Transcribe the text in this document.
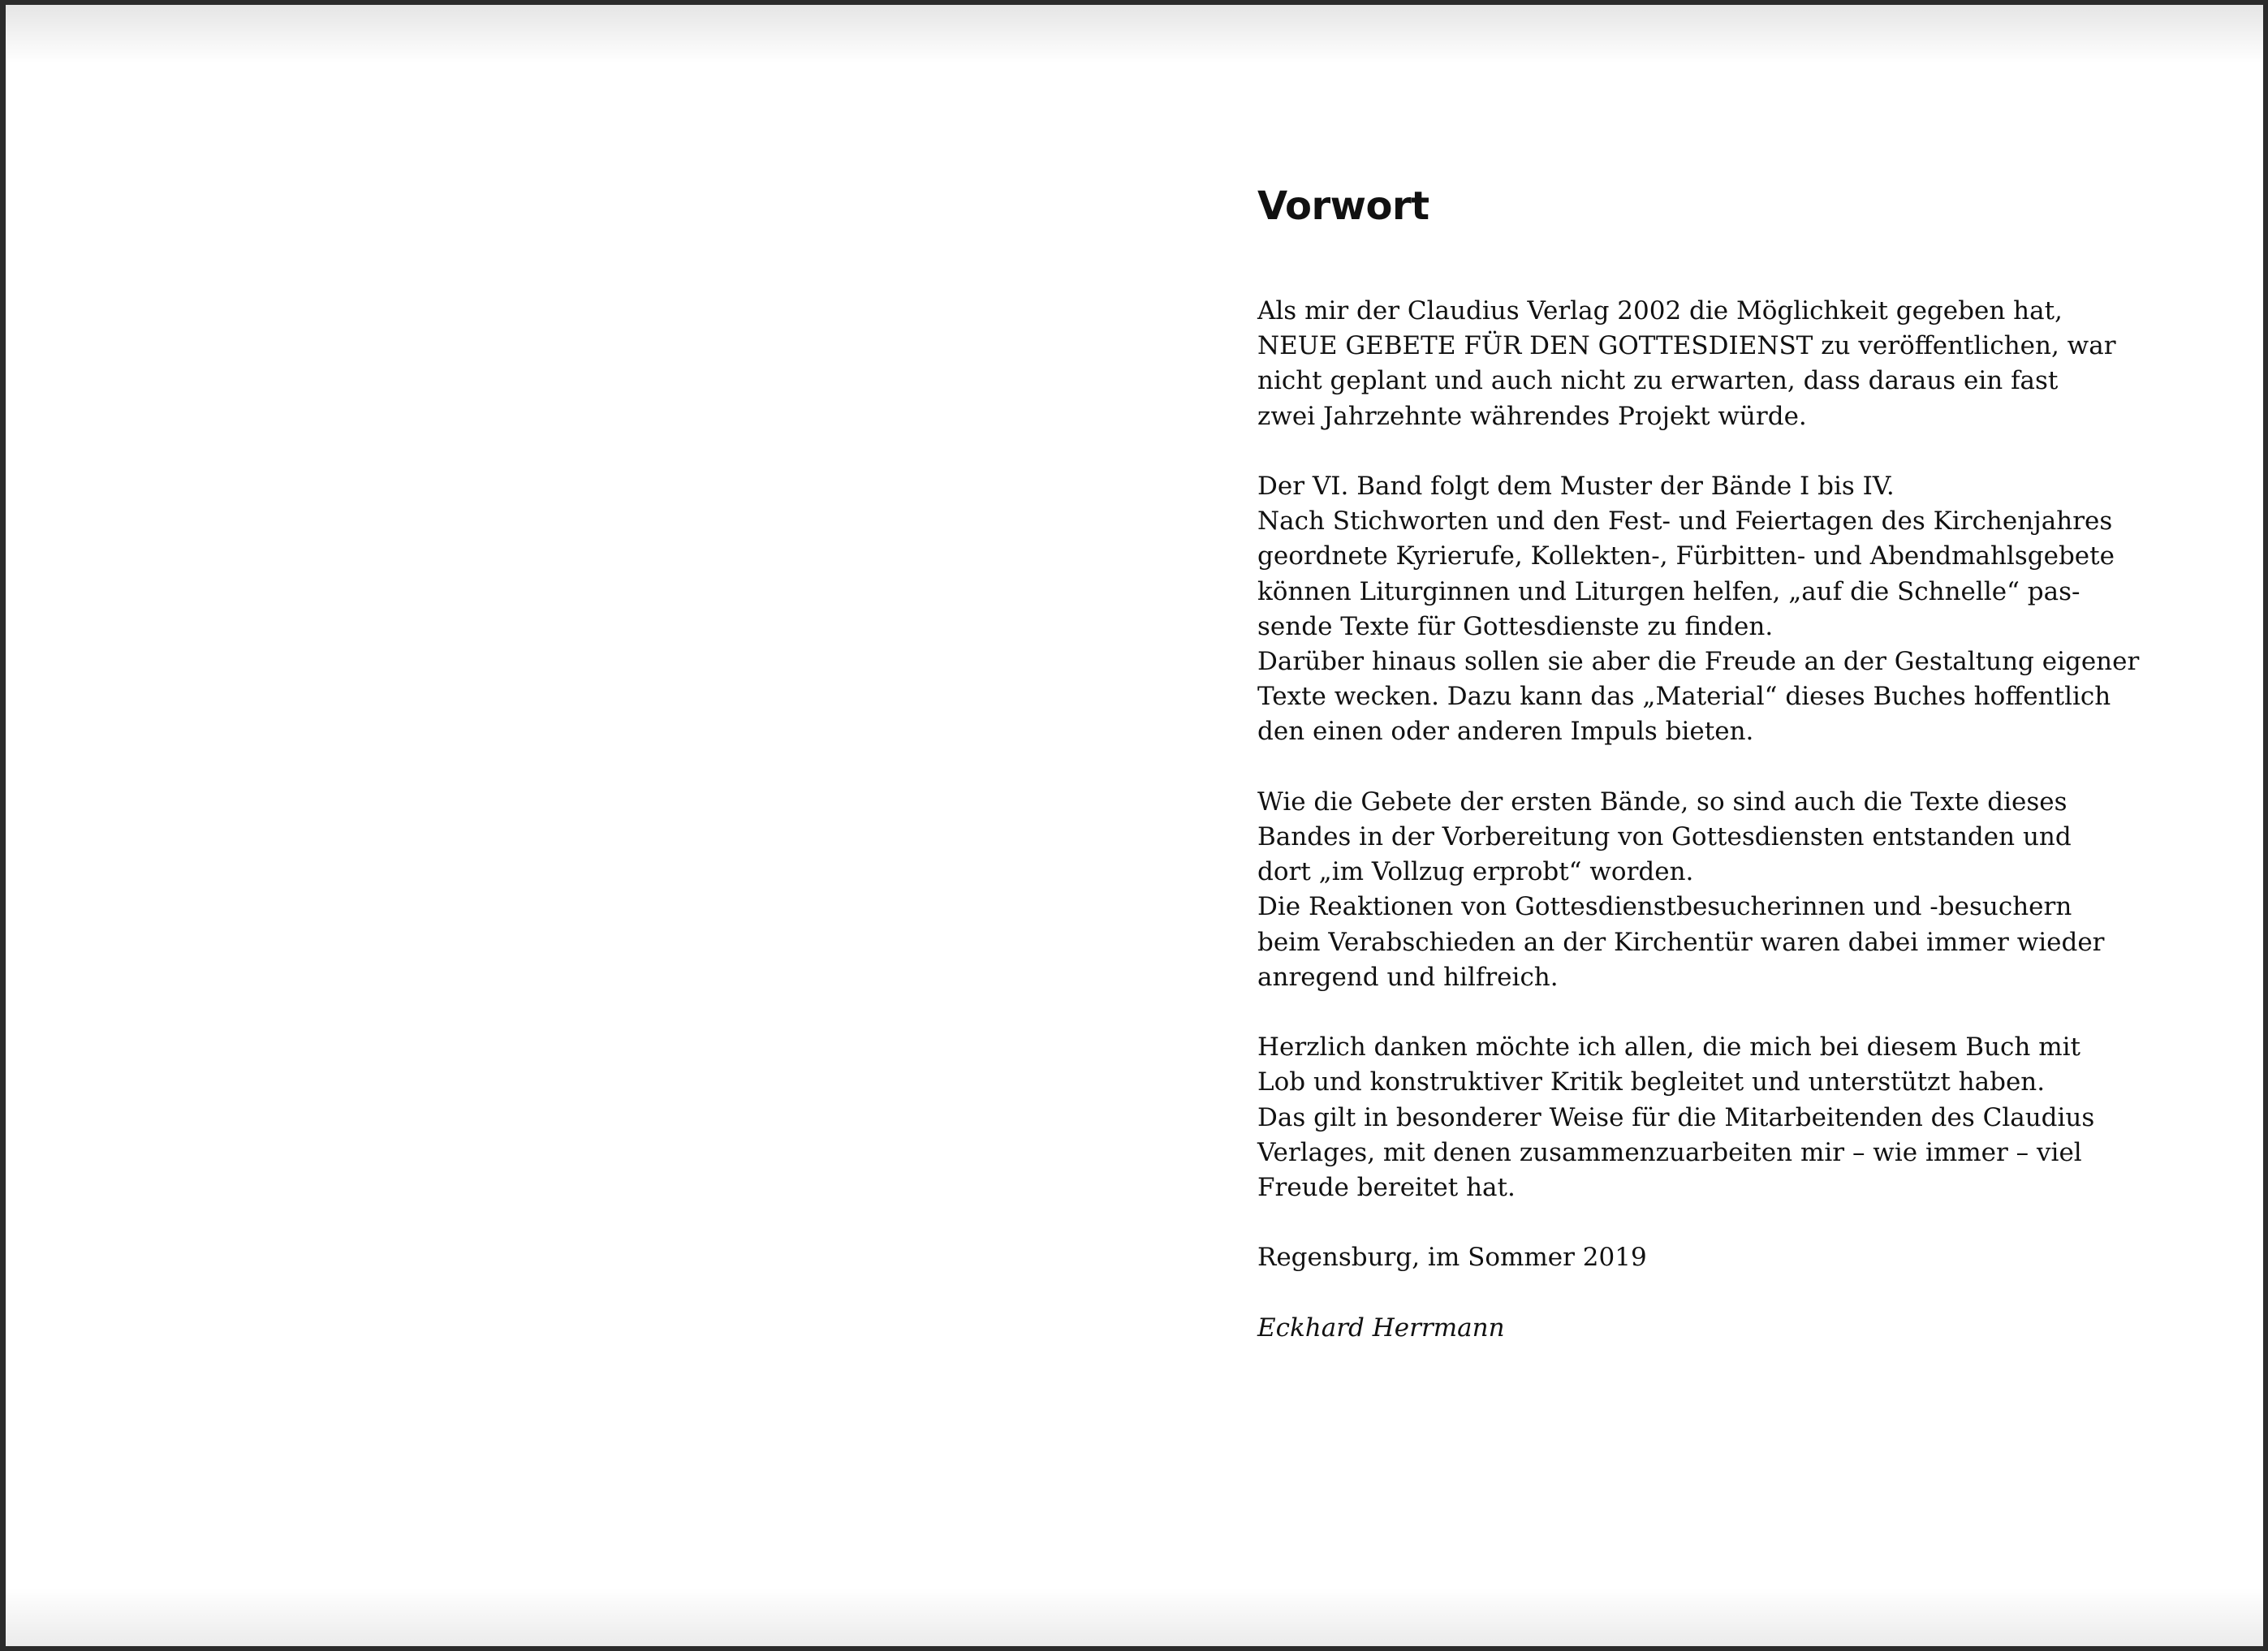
Vorwort
Als mir der Claudius Verlag 2002 die Möglichkeit gegeben hat,
NEUE GEBETE FÜR DEN GOTTESDIENST zu veröffentlichen, war
nicht geplant und auch nicht zu erwarten, dass daraus ein fast
zwei Jahrzehnte währendes Projekt würde.
Der VI. Band folgt dem Muster der Bände I bis IV.
Nach Stichworten und den Fest- und Feiertagen des Kirchenjahres
geordnete Kyrierufe, Kollekten-, Fürbitten- und Abendmahlsgebete
können Liturginnen und Liturgen helfen, „auf die Schnelle“ pas-
sende Texte für Gottesdienste zu finden.
Darüber hinaus sollen sie aber die Freude an der Gestaltung eigener
Texte wecken. Dazu kann das „Material“ dieses Buches hoffentlich
den einen oder anderen Impuls bieten.
Wie die Gebete der ersten Bände, so sind auch die Texte dieses
Bandes in der Vorbereitung von Gottesdiensten entstanden und
dort „im Vollzug erprobt“ worden.
Die Reaktionen von Gottesdienstbesucherinnen und -besuchern
beim Verabschieden an der Kirchentür waren dabei immer wieder
anregend und hilfreich.
Herzlich danken möchte ich allen, die mich bei diesem Buch mit
Lob und konstruktiver Kritik begleitet und unterstützt haben.
Das gilt in besonderer Weise für die Mitarbeitenden des Claudius
Verlages, mit denen zusammenzuarbeiten mir – wie immer – viel
Freude bereitet hat.
Regensburg, im Sommer 2019
Eckhard Herrmann
